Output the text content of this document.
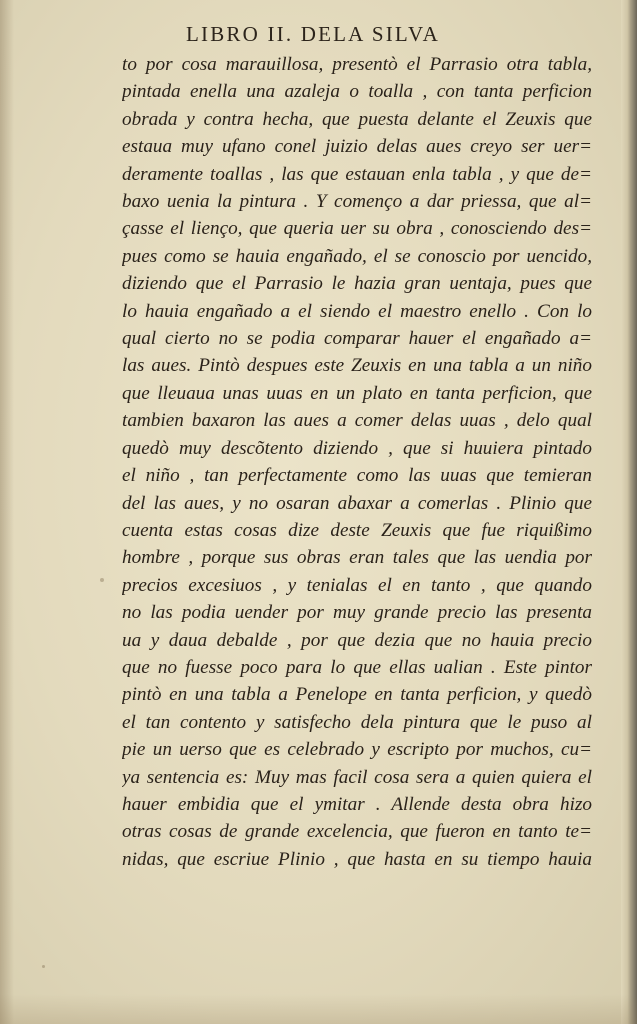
LIBRO II. DELA SILVA
to por cosa marauillosa, presentò el Parrasio otra tabla,
pintada enella una azaleja o toalla , con tanta perficion
obrada y contra hecha, que puesta delante el Zeuxis que
estaua muy ufano conel juizio delas aues creyo ser uer=
deramente toallas , las que estauan enla tabla , y que de=
baxo uenia la pintura . Y començo a dar priessa, que al=
çasse el lienço, que queria uer su obra , conosciendo des=
pues como se hauia engañado, el se conoscio por uencido,
diziendo que el Parrasio le hazia gran uentaja, pues que
lo hauia engañado a el siendo el maestro enello . Con lo
qual cierto no se podia comparar hauer el engañado a=
las aues. Pintò despues este Zeuxis en una tabla a un niño
que lleuaua unas uuas en un plato en tanta perficion, que
tambien baxaron las aues a comer delas uuas , delo qual
quedò muy descõtento diziendo , que si huuiera pintado
el niño , tan perfectamente como las uuas que temieran
del las aues, y no osaran abaxar a comerlas . Plinio que
cuenta estas cosas dize deste Zeuxis que fue riquißimo
hombre , porque sus obras eran tales que las uendia por
precios excesiuos , y tenialas el en tanto , que quando
no las podia uender por muy grande precio las presenta
ua y daua debalde , por que dezia que no hauia precio
que no fuesse poco para lo que ellas ualian . Este pintor
pintò en una tabla a Penelope en tanta perficion, y quedò
el tan contento y satisfecho dela pintura que le puso al
pie un uerso que es celebrado y escripto por muchos, cu=
ya sentencia es: Muy mas facil cosa sera a quien quiera el
hauer embidia que el ymitar . Allende desta obra hizo
otras cosas de grande excelencia, que fueron en tanto te=
nidas, que escriue Plinio , que hasta en su tiempo hauia
